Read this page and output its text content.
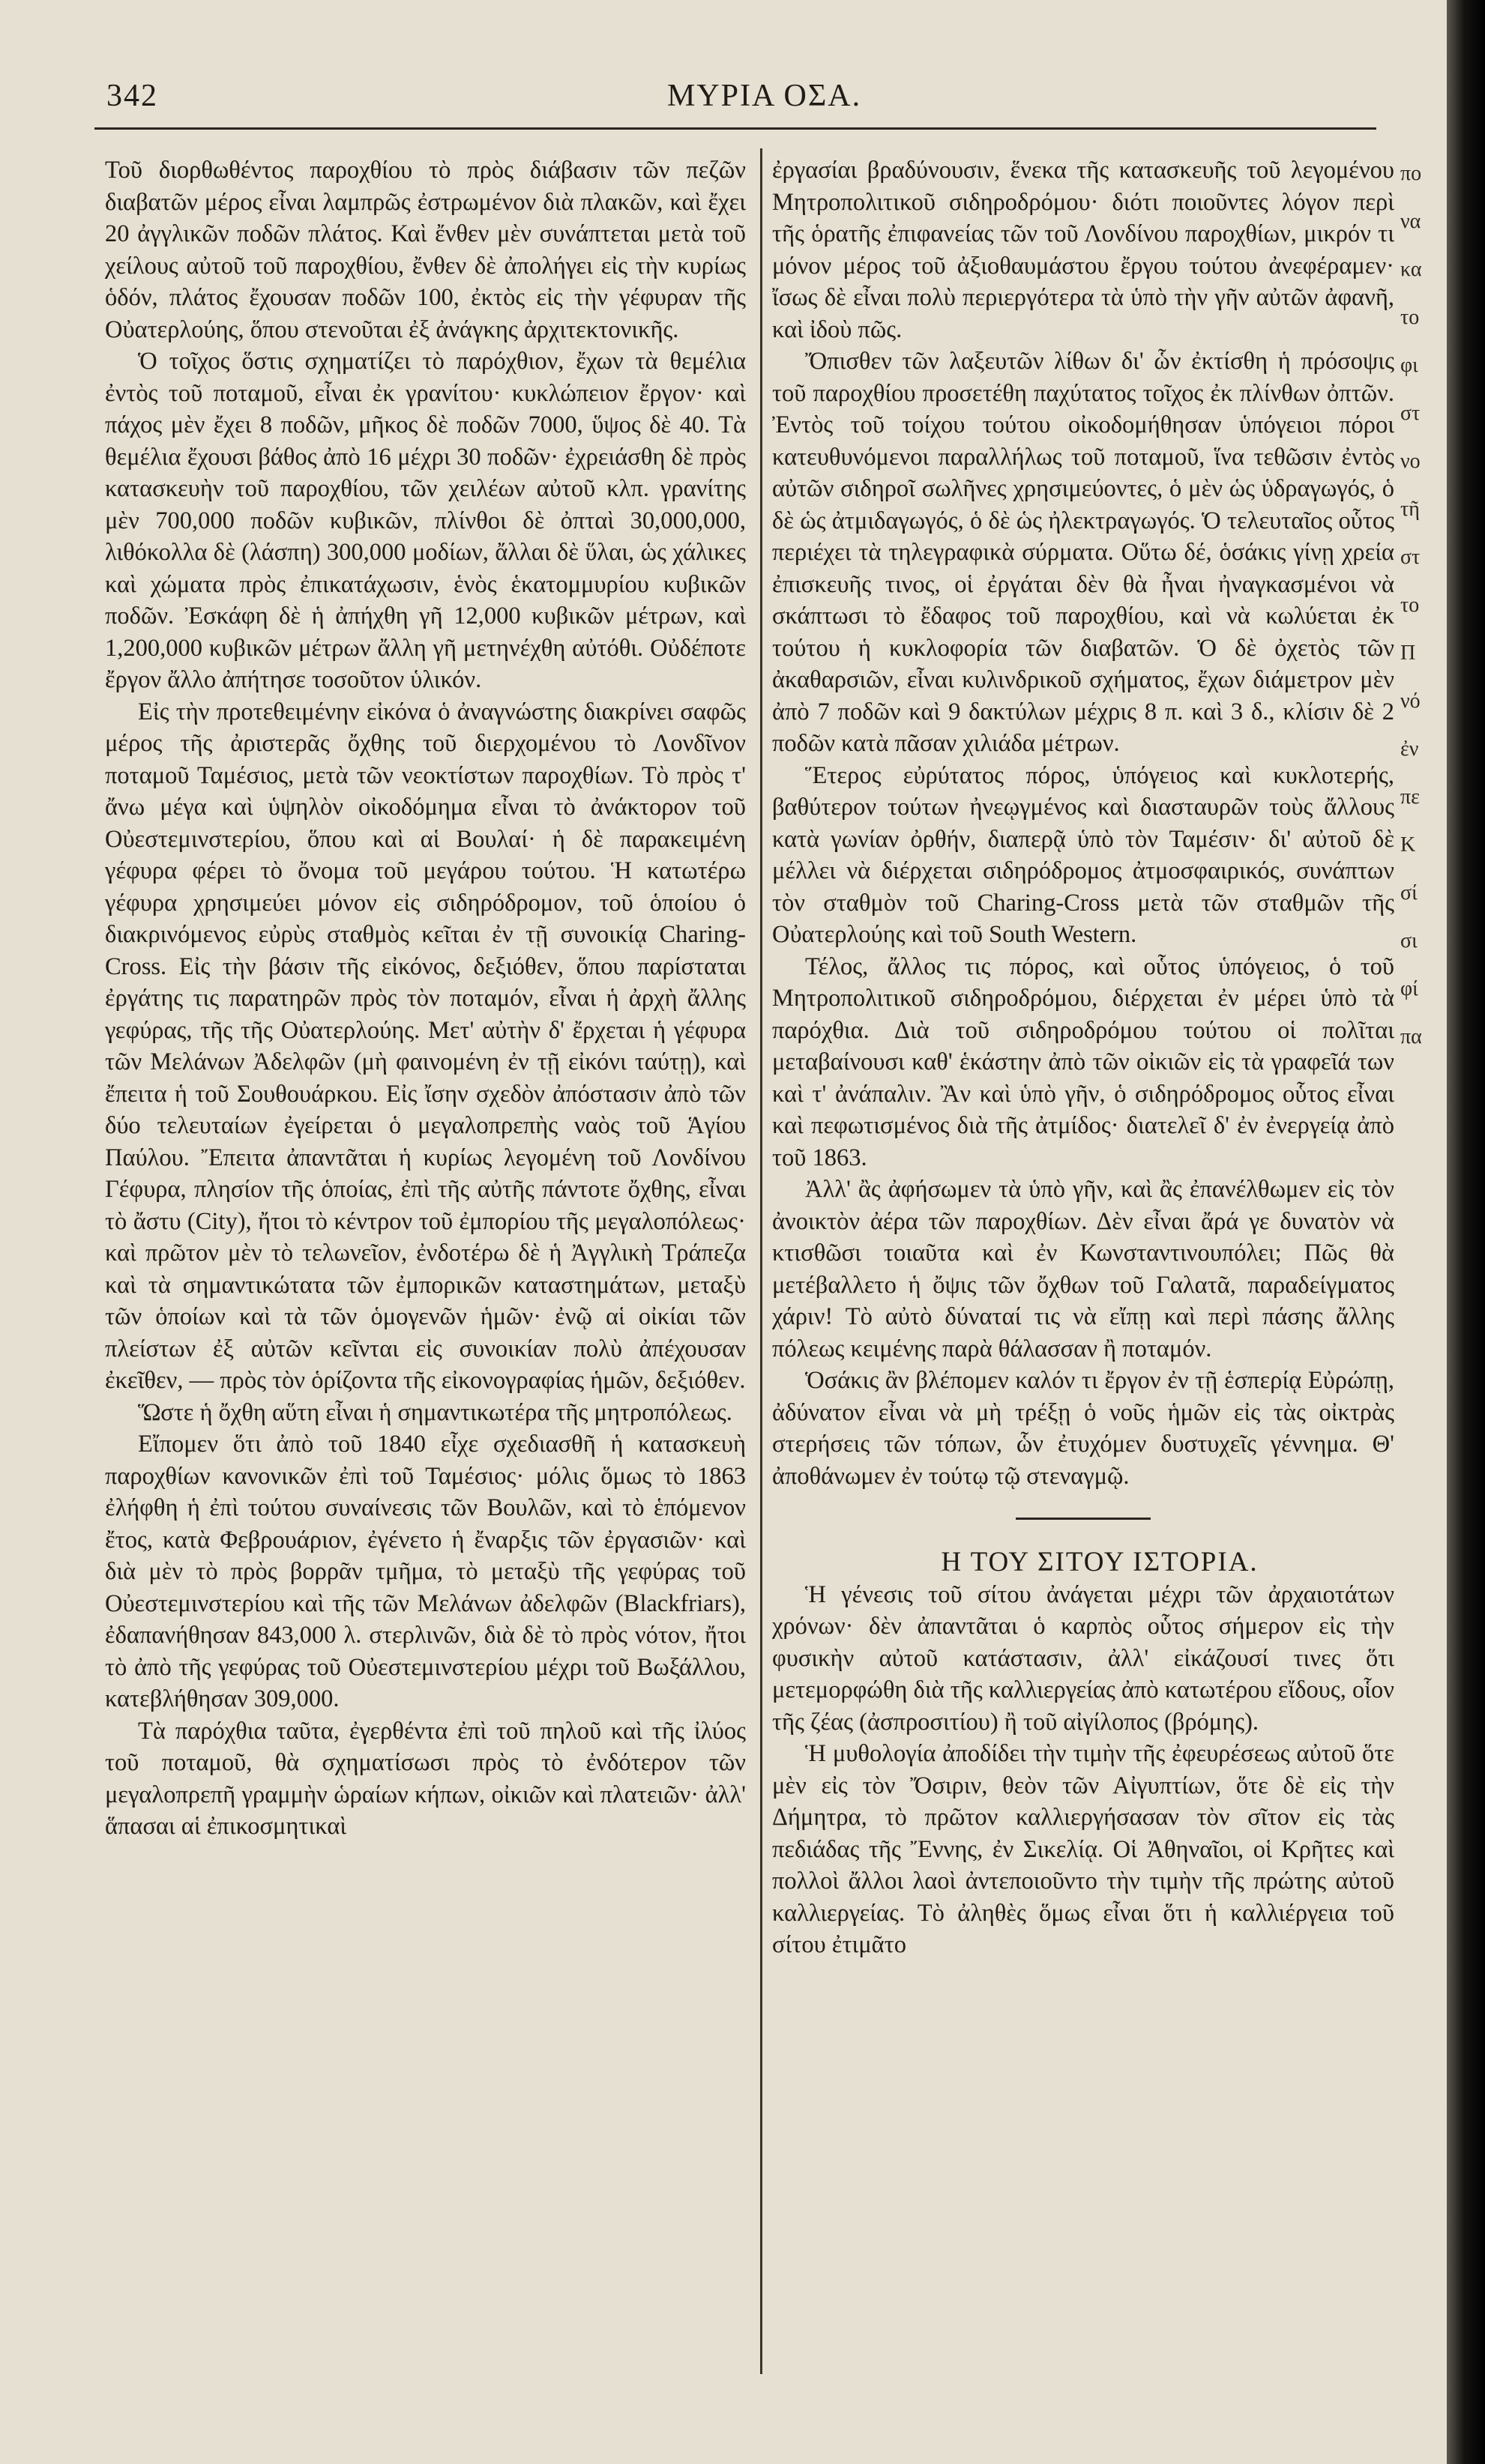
342	ΜΥΡΙΑ ΟΣΑ.

Τοῦ διορθωθέντος παροχθίου τὸ πρὸς διάβασιν τῶν πεζῶν διαβατῶν μέρος εἶναι λαμπρῶς ἐστρωμένον διὰ πλακῶν, καὶ ἔχει 20 ἀγγλικῶν ποδῶν πλάτος. Καὶ ἔνθεν μὲν συνάπτεται μετὰ τοῦ χείλους αὐτοῦ τοῦ παροχθίου, ἔνθεν δὲ ἀπολήγει εἰς τὴν κυρίως ὁδόν, πλάτος ἔχουσαν ποδῶν 100, ἐκτὸς εἰς τὴν γέφυραν τῆς Οὐατερλούης, ὅπου στενοῦται ἐξ ἀνάγκης ἀρχιτεκτονικῆς.

Ὁ τοῖχος ὅστις σχηματίζει τὸ παρόχθιον, ἔχων τὰ θεμέλια ἐντὸς τοῦ ποταμοῦ, εἶναι ἐκ γρανίτου· κυκλώπειον ἔργον· καὶ πάχος μὲν ἔχει 8 ποδῶν, μῆκος δὲ ποδῶν 7000, ὕψος δὲ 40. Τὰ θεμέλια ἔχουσι βάθος ἀπὸ 16 μέχρι 30 ποδῶν· ἐχρειάσθη δὲ πρὸς κατασκευὴν τοῦ παροχθίου, τῶν χειλέων αὐτοῦ κλπ. γρανίτης μὲν 700,000 ποδῶν κυβικῶν, πλίνθοι δὲ ὀπταὶ 30,000,000, λιθόκολλα δὲ (λάσπη) 300,000 μοδίων, ἄλλαι δὲ ὕλαι, ὡς χάλικες καὶ χώματα πρὸς ἐπικατάχωσιν, ἑνὸς ἑκατομμυρίου κυβικῶν ποδῶν. Ἐσκάφη δὲ ἡ ἀπήχθη γῆ 12,000 κυβικῶν μέτρων, καὶ 1,200,000 κυβικῶν μέτρων ἄλλη γῆ μετηνέχθη αὐτόθι. Οὐδέποτε ἔργον ἄλλο ἀπήτησε τοσοῦτον ὑλικόν.

Εἰς τὴν προτεθειμένην εἰκόνα ὁ ἀναγνώστης διακρίνει σαφῶς μέρος τῆς ἀριστερᾶς ὄχθης τοῦ διερχομένου τὸ Λονδῖνον ποταμοῦ Ταμέσιος, μετὰ τῶν νεοκτίστων παροχθίων. Τὸ πρὸς τ' ἄνω μέγα καὶ ὑψηλὸν οἰκοδόμημα εἶναι τὸ ἀνάκτορον τοῦ Οὐεστεμινστερίου, ὅπου καὶ αἱ Βουλαί· ἡ δὲ παρακειμένη γέφυρα φέρει τὸ ὄνομα τοῦ μεγάρου τούτου. Ἡ κατωτέρω γέφυρα χρησιμεύει μόνον εἰς σιδηρόδρομον, τοῦ ὁποίου ὁ διακρινόμενος εὐρὺς σταθμὸς κεῖται ἐν τῇ συνοικίᾳ Charing-Cross. Εἰς τὴν βάσιν τῆς εἰκόνος, δεξιόθεν, ὅπου παρίσταται ἐργάτης τις παρατηρῶν πρὸς τὸν ποταμόν, εἶναι ἡ ἀρχὴ ἄλλης γεφύρας, τῆς τῆς Οὐατερλούης. Μετ' αὐτὴν δ' ἔρχεται ἡ γέφυρα τῶν Μελάνων Ἀδελφῶν (μὴ φαινομένη ἐν τῇ εἰκόνι ταύτῃ), καὶ ἔπειτα ἡ τοῦ Σουθουάρκου. Εἰς ἴσην σχεδὸν ἀπόστασιν ἀπὸ τῶν δύο τελευταίων ἐγείρεται ὁ μεγαλοπρεπὴς ναὸς τοῦ Ἁγίου Παύλου. Ἔπειτα ἀπαντᾶται ἡ κυρίως λεγομένη τοῦ Λονδίνου Γέφυρα, πλησίον τῆς ὁποίας, ἐπὶ τῆς αὐτῆς πάντοτε ὄχθης, εἶναι τὸ ἄστυ (City), ἤτοι τὸ κέντρον τοῦ ἐμπορίου τῆς μεγαλοπόλεως· καὶ πρῶτον μὲν τὸ τελωνεῖον, ἐνδοτέρω δὲ ἡ Ἀγγλικὴ Τράπεζα καὶ τὰ σημαντικώτατα τῶν ἐμπορικῶν καταστημάτων, μεταξὺ τῶν ὁποίων καὶ τὰ τῶν ὁμογενῶν ἡμῶν· ἐνῷ αἱ οἰκίαι τῶν πλείστων ἐξ αὐτῶν κεῖνται εἰς συνοικίαν πολὺ ἀπέχουσαν ἐκεῖθεν, — πρὸς τὸν ὁρίζοντα τῆς εἰκονογραφίας ἡμῶν, δεξιόθεν.

Ὥστε ἡ ὄχθη αὕτη εἶναι ἡ σημαντικωτέρα τῆς μητροπόλεως.

Εἴπομεν ὅτι ἀπὸ τοῦ 1840 εἶχε σχεδιασθῆ ἡ κατασκευὴ παροχθίων κανονικῶν ἐπὶ τοῦ Ταμέσιος· μόλις ὅμως τὸ 1863 ἐλήφθη ἡ ἐπὶ τούτου συναίνεσις τῶν Βουλῶν, καὶ τὸ ἑπόμενον ἔτος, κατὰ Φεβρουάριον, ἐγένετο ἡ ἔναρξις τῶν ἐργασιῶν· καὶ διὰ μὲν τὸ πρὸς βορρᾶν τμῆμα, τὸ μεταξὺ τῆς γεφύρας τοῦ Οὐεστεμινστερίου καὶ τῆς τῶν Μελάνων ἀδελφῶν (Blackfriars), ἐδαπανήθησαν 843,000 λ. στερλινῶν, διὰ δὲ τὸ πρὸς νότον, ἤτοι τὸ ἀπὸ τῆς γεφύρας τοῦ Οὐεστεμινστερίου μέχρι τοῦ Βωξάλλου, κατεβλήθησαν 309,000.

Τὰ παρόχθια ταῦτα, ἐγερθέντα ἐπὶ τοῦ πηλοῦ καὶ τῆς ἰλύος τοῦ ποταμοῦ, θὰ σχηματίσωσι πρὸς τὸ ἐνδότερον τῶν μεγαλοπρεπῆ γραμμὴν ὡραίων κήπων, οἰκιῶν καὶ πλατειῶν· ἀλλ' ἅπασαι αἱ ἐπικοσμητικαὶ

ἐργασίαι βραδύνουσιν, ἕνεκα τῆς κατασκευῆς τοῦ λεγομένου Μητροπολιτικοῦ σιδηροδρόμου· διότι ποιοῦντες λόγον περὶ τῆς ὁρατῆς ἐπιφανείας τῶν τοῦ Λονδίνου παροχθίων, μικρόν τι μόνον μέρος τοῦ ἀξιοθαυμάστου ἔργου τούτου ἀνεφέραμεν· ἴσως δὲ εἶναι πολὺ περιεργότερα τὰ ὑπὸ τὴν γῆν αὐτῶν ἀφανῆ, καὶ ἰδοὺ πῶς.

Ὄπισθεν τῶν λαξευτῶν λίθων δι' ὧν ἐκτίσθη ἡ πρόσοψις τοῦ παροχθίου προσετέθη παχύτατος τοῖχος ἐκ πλίνθων ὀπτῶν. Ἐντὸς τοῦ τοίχου τούτου οἰκοδομήθησαν ὑπόγειοι πόροι κατευθυνόμενοι παραλλήλως τοῦ ποταμοῦ, ἵνα τεθῶσιν ἐντὸς αὐτῶν σιδηροῖ σωλῆνες χρησιμεύοντες, ὁ μὲν ὡς ὑδραγωγός, ὁ δὲ ὡς ἀτμιδαγωγός, ὁ δὲ ὡς ἠλεκτραγωγός. Ὁ τελευταῖος οὗτος περιέχει τὰ τηλεγραφικὰ σύρματα. Οὕτω δέ, ὁσάκις γίνῃ χρεία ἐπισκευῆς τινος, οἱ ἐργάται δὲν θὰ ἦναι ἠναγκασμένοι νὰ σκάπτωσι τὸ ἔδαφος τοῦ παροχθίου, καὶ νὰ κωλύεται ἐκ τούτου ἡ κυκλοφορία τῶν διαβατῶν. Ὁ δὲ ὀχετὸς τῶν ἀκαθαρσιῶν, εἶναι κυλινδρικοῦ σχήματος, ἔχων διάμετρον μὲν ἀπὸ 7 ποδῶν καὶ 9 δακτύλων μέχρις 8 π. καὶ 3 δ., κλίσιν δὲ 2 ποδῶν κατὰ πᾶσαν χιλιάδα μέτρων.

Ἕτερος εὐρύτατος πόρος, ὑπόγειος καὶ κυκλοτερής, βαθύτερον τούτων ἠνεῳγμένος καὶ διασταυρῶν τοὺς ἄλλους κατὰ γωνίαν ὀρθήν, διαπερᾷ ὑπὸ τὸν Ταμέσιν· δι' αὐτοῦ δὲ μέλλει νὰ διέρχεται σιδηρόδρομος ἀτμοσφαιρικός, συνάπτων τὸν σταθμὸν τοῦ Charing-Cross μετὰ τῶν σταθμῶν τῆς Οὐατερλούης καὶ τοῦ South Western.

Τέλος, ἄλλος τις πόρος, καὶ οὗτος ὑπόγειος, ὁ τοῦ Μητροπολιτικοῦ σιδηροδρόμου, διέρχεται ἐν μέρει ὑπὸ τὰ παρόχθια. Διὰ τοῦ σιδηροδρόμου τούτου οἱ πολῖται μεταβαίνουσι καθ' ἑκάστην ἀπὸ τῶν οἰκιῶν εἰς τὰ γραφεῖά των καὶ τ' ἀνάπαλιν. Ἂν καὶ ὑπὸ γῆν, ὁ σιδηρόδρομος οὗτος εἶναι καὶ πεφωτισμένος διὰ τῆς ἀτμίδος· διατελεῖ δ' ἐν ἐνεργείᾳ ἀπὸ τοῦ 1863.

Ἀλλ' ἂς ἀφήσωμεν τὰ ὑπὸ γῆν, καὶ ἂς ἐπανέλθωμεν εἰς τὸν ἀνοικτὸν ἀέρα τῶν παροχθίων. Δὲν εἶναι ἄρά γε δυνατὸν νὰ κτισθῶσι τοιαῦτα καὶ ἐν Κωνσταντινουπόλει; Πῶς θὰ μετέβαλλετο ἡ ὄψις τῶν ὄχθων τοῦ Γαλατᾶ, παραδείγματος χάριν! Τὸ αὐτὸ δύναταί τις νὰ εἴπῃ καὶ περὶ πάσης ἄλλης πόλεως κειμένης παρὰ θάλασσαν ἢ ποταμόν.

Ὁσάκις ἂν βλέπομεν καλόν τι ἔργον ἐν τῇ ἑσπερίᾳ Εὐρώπῃ, ἀδύνατον εἶναι νὰ μὴ τρέξῃ ὁ νοῦς ἡμῶν εἰς τὰς οἰκτρὰς στερήσεις τῶν τόπων, ὧν ἐτυχόμεν δυστυχεῖς γέννημα. Θ' ἀποθάνωμεν ἐν τούτῳ τῷ στεναγμῷ.

Η ΤΟΥ ΣΙΤΟΥ ΙΣΤΟΡΙΑ.

Ἡ γένεσις τοῦ σίτου ἀνάγεται μέχρι τῶν ἀρχαιοτάτων χρόνων· δὲν ἀπαντᾶται ὁ καρπὸς οὗτος σήμερον εἰς τὴν φυσικὴν αὐτοῦ κατάστασιν, ἀλλ' εἰκάζουσί τινες ὅτι μετεμορφώθη διὰ τῆς καλλιεργείας ἀπὸ κατωτέρου εἴδους, οἷον τῆς ζέας (ἀσπροσιτίου) ἢ τοῦ αἰγίλοπος (βρόμης).

Ἡ μυθολογία ἀποδίδει τὴν τιμὴν τῆς ἐφευρέσεως αὐτοῦ ὅτε μὲν εἰς τὸν Ὄσιριν, θεὸν τῶν Αἰγυπτίων, ὅτε δὲ εἰς τὴν Δήμητρα, τὸ πρῶτον καλλιεργήσασαν τὸν σῖτον εἰς τὰς πεδιάδας τῆς Ἔννης, ἐν Σικελίᾳ. Οἱ Ἀθηναῖοι, οἱ Κρῆτες καὶ πολλοὶ ἄλλοι λαοὶ ἀντεποιοῦντο τὴν τιμὴν τῆς πρώτης αὐτοῦ καλλιεργείας. Τὸ ἀληθὲς ὅμως εἶναι ὅτι ἡ καλλιέργεια τοῦ σίτου ἐτιμᾶτο

πο
να
κα
το
φι
στ
νο
τῆ
στ
το
Π
νό
ἐν
πε
Κ
σί
σι
φί
πα
